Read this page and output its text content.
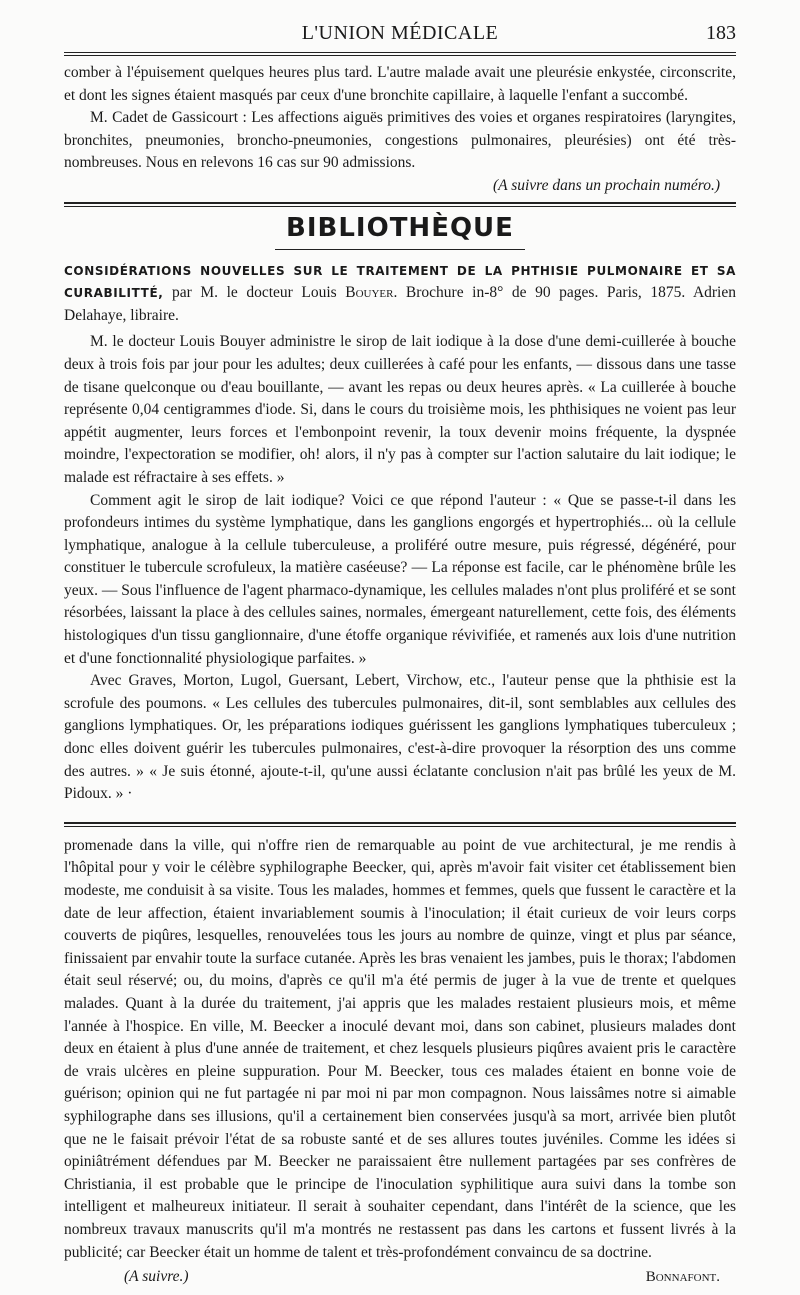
L'UNION MÉDICALE	183

comber à l'épuisement quelques heures plus tard. L'autre malade avait une pleurésie enkystée, circonscrite, et dont les signes étaient masqués par ceux d'une bronchite capillaire, à laquelle l'enfant a succombé.

M. Cadet de Gassicourt : Les affections aiguës primitives des voies et organes respiratoires (laryngites, bronchites, pneumonies, broncho-pneumonies, congestions pulmonaires, pleurésies) ont été très-nombreuses. Nous en relevons 16 cas sur 90 admissions.

(A suivre dans un prochain numéro.)

BIBLIOTHÈQUE

CONSIDÉRATIONS NOUVELLES SUR LE TRAITEMENT DE LA PHTHISIE PULMONAIRE ET SA CURABILITTÉ, par M. le docteur Louis Bouyer. Brochure in-8° de 90 pages. Paris, 1875. Adrien Delahaye, libraire.

M. le docteur Louis Bouyer administre le sirop de lait iodique à la dose d'une demi-cuillerée à bouche deux à trois fois par jour pour les adultes; deux cuillerées à café pour les enfants, — dissous dans une tasse de tisane quelconque ou d'eau bouillante, — avant les repas ou deux heures après. « La cuillerée à bouche représente 0,04 centigrammes d'iode. Si, dans le cours du troisième mois, les phthisiques ne voient pas leur appétit augmenter, leurs forces et l'embonpoint revenir, la toux devenir moins fréquente, la dyspnée moindre, l'expectoration se modifier, oh! alors, il n'y pas à compter sur l'action salutaire du lait iodique; le malade est réfractaire à ses effets. »

Comment agit le sirop de lait iodique? Voici ce que répond l'auteur : « Que se passe-t-il dans les profondeurs intimes du système lymphatique, dans les ganglions engorgés et hypertrophiés... où la cellule lymphatique, analogue à la cellule tuberculeuse, a proliféré outre mesure, puis régressé, dégénéré, pour constituer le tubercule scrofuleux, la matière caséeuse? — La réponse est facile, car le phénomène brûle les yeux. — Sous l'influence de l'agent pharmaco-dynamique, les cellules malades n'ont plus proliféré et se sont résorbées, laissant la place à des cellules saines, normales, émergeant naturellement, cette fois, des éléments histologiques d'un tissu ganglionnaire, d'une étoffe organique révivifiée, et ramenés aux lois d'une nutrition et d'une fonctionnalité physiologique parfaites. »

Avec Graves, Morton, Lugol, Guersant, Lebert, Virchow, etc., l'auteur pense que la phthisie est la scrofule des poumons. « Les cellules des tubercules pulmonaires, dit-il, sont semblables aux cellules des ganglions lymphatiques. Or, les préparations iodiques guérissent les ganglions lymphatiques tuberculeux ; donc elles doivent guérir les tubercules pulmonaires, c'est-à-dire provoquer la résorption des uns comme des autres. » « Je suis étonné, ajoute-t-il, qu'une aussi éclatante conclusion n'ait pas brûlé les yeux de M. Pidoux. » ·

promenade dans la ville, qui n'offre rien de remarquable au point de vue architectural, je me rendis à l'hôpital pour y voir le célèbre syphilographe Beecker, qui, après m'avoir fait visiter cet établissement bien modeste, me conduisit à sa visite. Tous les malades, hommes et femmes, quels que fussent le caractère et la date de leur affection, étaient invariablement soumis à l'inoculation; il était curieux de voir leurs corps couverts de piqûres, lesquelles, renouvelées tous les jours au nombre de quinze, vingt et plus par séance, finissaient par envahir toute la surface cutanée. Après les bras venaient les jambes, puis le thorax; l'abdomen était seul réservé; ou, du moins, d'après ce qu'il m'a été permis de juger à la vue de trente et quelques malades. Quant à la durée du traitement, j'ai appris que les malades restaient plusieurs mois, et même l'année à l'hospice. En ville, M. Beecker a inoculé devant moi, dans son cabinet, plusieurs malades dont deux en étaient à plus d'une année de traitement, et chez lesquels plusieurs piqûres avaient pris le caractère de vrais ulcères en pleine suppuration. Pour M. Beecker, tous ces malades étaient en bonne voie de guérison; opinion qui ne fut partagée ni par moi ni par mon compagnon. Nous laissâmes notre si aimable syphilographe dans ses illusions, qu'il a certainement bien conservées jusqu'à sa mort, arrivée bien plutôt que ne le faisait prévoir l'état de sa robuste santé et de ses allures toutes juvéniles. Comme les idées si opiniâtrément défendues par M. Beecker ne paraissaient être nullement partagées par ses confrères de Christiania, il est probable que le principe de l'inoculation syphilitique aura suivi dans la tombe son intelligent et malheureux initiateur. Il serait à souhaiter cependant, dans l'intérêt de la science, que les nombreux travaux manuscrits qu'il m'a montrés ne restassent pas dans les cartons et fussent livrés à la publicité; car Beecker était un homme de talent et très-profondément convaincu de sa doctrine.

(A suivre.)	Bonnafont.
